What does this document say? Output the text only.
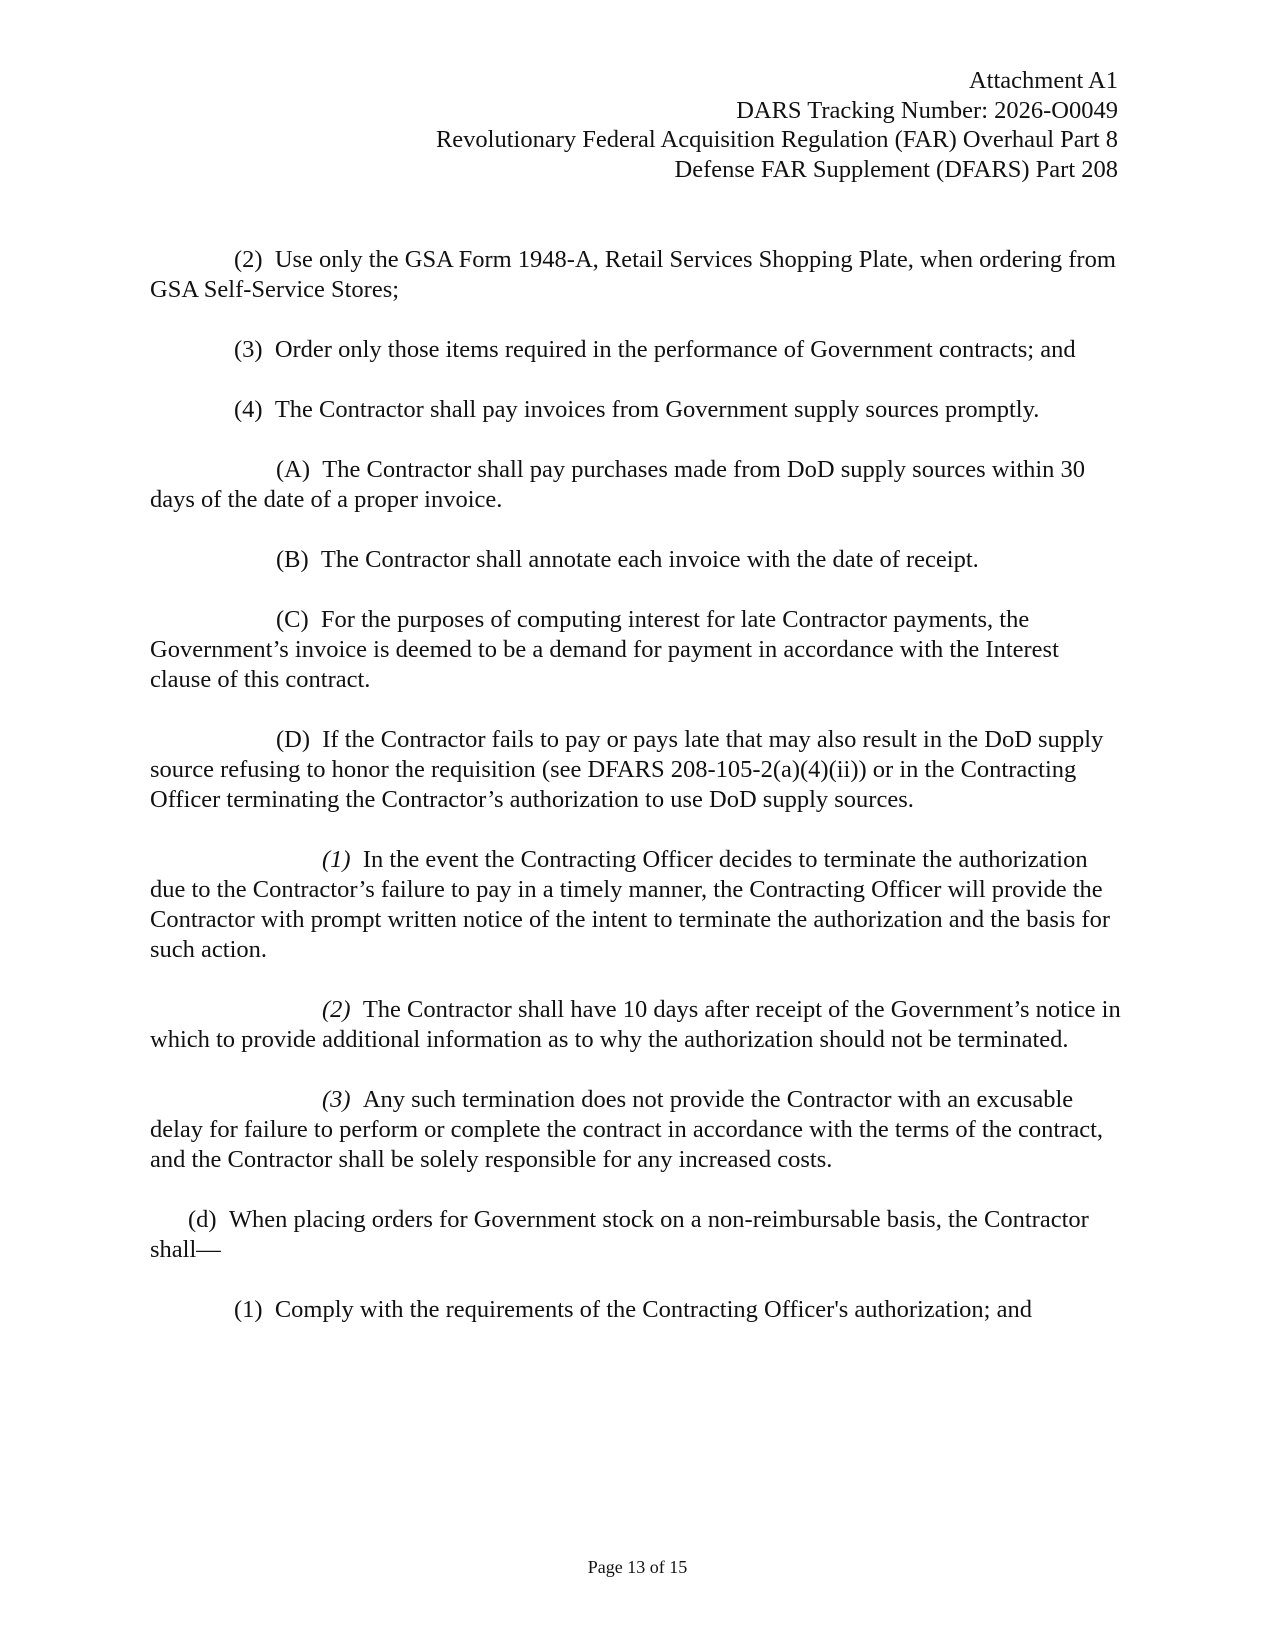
Attachment A1
DARS Tracking Number: 2026-O0049
Revolutionary Federal Acquisition Regulation (FAR) Overhaul Part 8
Defense FAR Supplement (DFARS) Part 208

(2) Use only the GSA Form 1948-A, Retail Services Shopping Plate, when ordering from GSA Self-Service Stores;

(3) Order only those items required in the performance of Government contracts; and

(4) The Contractor shall pay invoices from Government supply sources promptly.

(A) The Contractor shall pay purchases made from DoD supply sources within 30 days of the date of a proper invoice.

(B) The Contractor shall annotate each invoice with the date of receipt.

(C) For the purposes of computing interest for late Contractor payments, the Government’s invoice is deemed to be a demand for payment in accordance with the Interest clause of this contract.

(D) If the Contractor fails to pay or pays late that may also result in the DoD supply source refusing to honor the requisition (see DFARS 208-105-2(a)(4)(ii)) or in the Contracting Officer terminating the Contractor’s authorization to use DoD supply sources.

(1) In the event the Contracting Officer decides to terminate the authorization due to the Contractor’s failure to pay in a timely manner, the Contracting Officer will provide the Contractor with prompt written notice of the intent to terminate the authorization and the basis for such action.

(2) The Contractor shall have 10 days after receipt of the Government’s notice in which to provide additional information as to why the authorization should not be terminated.

(3) Any such termination does not provide the Contractor with an excusable delay for failure to perform or complete the contract in accordance with the terms of the contract, and the Contractor shall be solely responsible for any increased costs.

(d) When placing orders for Government stock on a non-reimbursable basis, the Contractor shall—

(1) Comply with the requirements of the Contracting Officer's authorization; and

Page 13 of 15
